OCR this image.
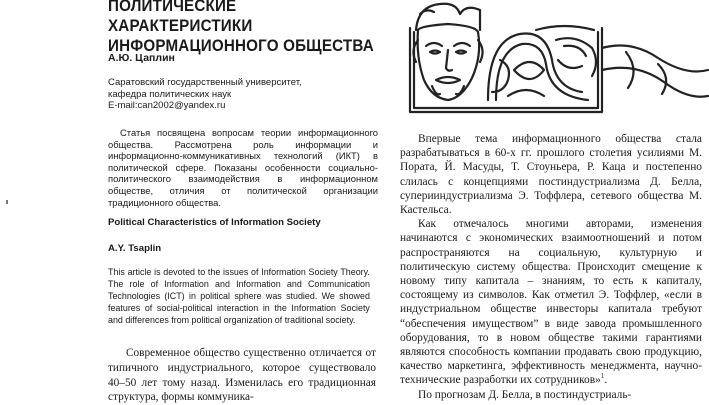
ПОЛИТИЧЕСКИЕ ХАРАКТЕРИСТИКИ ИНФОРМАЦИОННОГО ОБЩЕСТВА
А.Ю. Цаплин
Саратовский государственный университет,
кафедра политических наук
E-mail:can2002@yandex.ru

Статья посвящена вопросам теории информационного общества. Рассмотрена роль информации и информационно-коммуникативных технологий (ИКТ) в политической сфере. Показаны особенности социально-политического взаимодействия в информационном обществе, отличия от политической организации традиционного общества.

Political Characteristics of Information Society
A.Y. Tsaplin

This article is devoted to the issues of Information Society Theory. The role of Information and Information and Communication Technologies (ICT) in political sphere was studied. We showed features of social-political interaction in the Information Society and differences from political organization of traditional society.

Современное общество существенно отличается от типичного индустриального, которое существовало 40–50 лет тому назад. Изменилась его традиционная структура, формы коммуника-

Впервые тема информационного общества стала разрабатываться в 60-х гг. прошлого столетия усилиями М. Пората, Й. Масуды, Т. Стоуньера, Р. Каца и постепенно слилась с концепциями постиндустриализма Д. Белла, суперииндустриализма Э. Тоффлера, сетевого общества М. Кастельса.

Как отмечалось многими авторами, изменения начинаются с экономических взаимоотношений и потом распространяются на социальную, культурную и политическую систему общества. Происходит смещение к новому типу капитала – знаниям, то есть к капиталу, состоящему из символов. Как отметил Э. Тоффлер, «если в индустриальном обществе инвесторы капитала требуют “обеспечения имуществом” в виде завода промышленного оборудования, то в новом обществе такими гарантиями являются способность компании продавать свою продукцию, качество маркетинга, эффективность менеджмента, научно-технические разработки их сотрудников»$^1$.

По прогнозам Д. Белла, в постиндустриаль-
